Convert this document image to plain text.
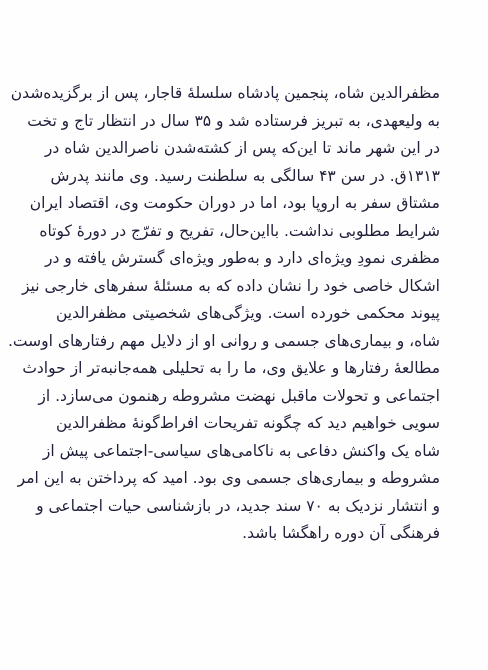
مظفرالدین شاه، پنجمین پادشاه سلسلهٔ قاجار، پس از برگزیده‌شدن
به ولیعهدی، به تبریز فرستاده شد و ۳۵ سال در انتظار تاج و تخت
در این شهر ماند تا این‌که پس از کشته‌شدن ناصرالدین شاه در
۱۳۱۳ق. در سن ۴۳ سالگی به سلطنت رسید. وی مانند پدرش
مشتاق سفر به اروپا بود، اما در دوران حکومت وی، اقتصاد ایران
شرایط مطلوبی نداشت. بااین‌حال، تفریح و تفرّج در دورهٔ کوتاه
مظفری نمودِ ویژه‌ای دارد و به‌طور ویژه‌ای گسترش یافته و در
اشکال خاصی خود را نشان داده که به مسئلهٔ سفرهای خارجی نیز
پیوند محکمی خورده است. ویژگی‌های شخصیتی مظفرالدین
شاه، و بیماری‌های جسمی و روانی او از دلایل مهم رفتارهای اوست.
مطالعهٔ رفتارها و علایق وی، ما را به تحلیلی همه‌جانبه‌تر از حوادث
اجتماعی و تحولات ماقبل نهضت مشروطه رهنمون می‌سازد. از
سویی خواهیم دید که چگونه تفریحات افراط‌گونهٔ مظفرالدین
شاه یک واکنش دفاعی به ناکامی‌های سیاسی-اجتماعی پیش از
مشروطه و بیماری‌های جسمی وی بود. امید که پرداختن به این امر
و انتشار نزدیک به ۷۰ سند جدید، در بازشناسی حیات اجتماعی و
فرهنگی آن دوره راهگشا باشد.
